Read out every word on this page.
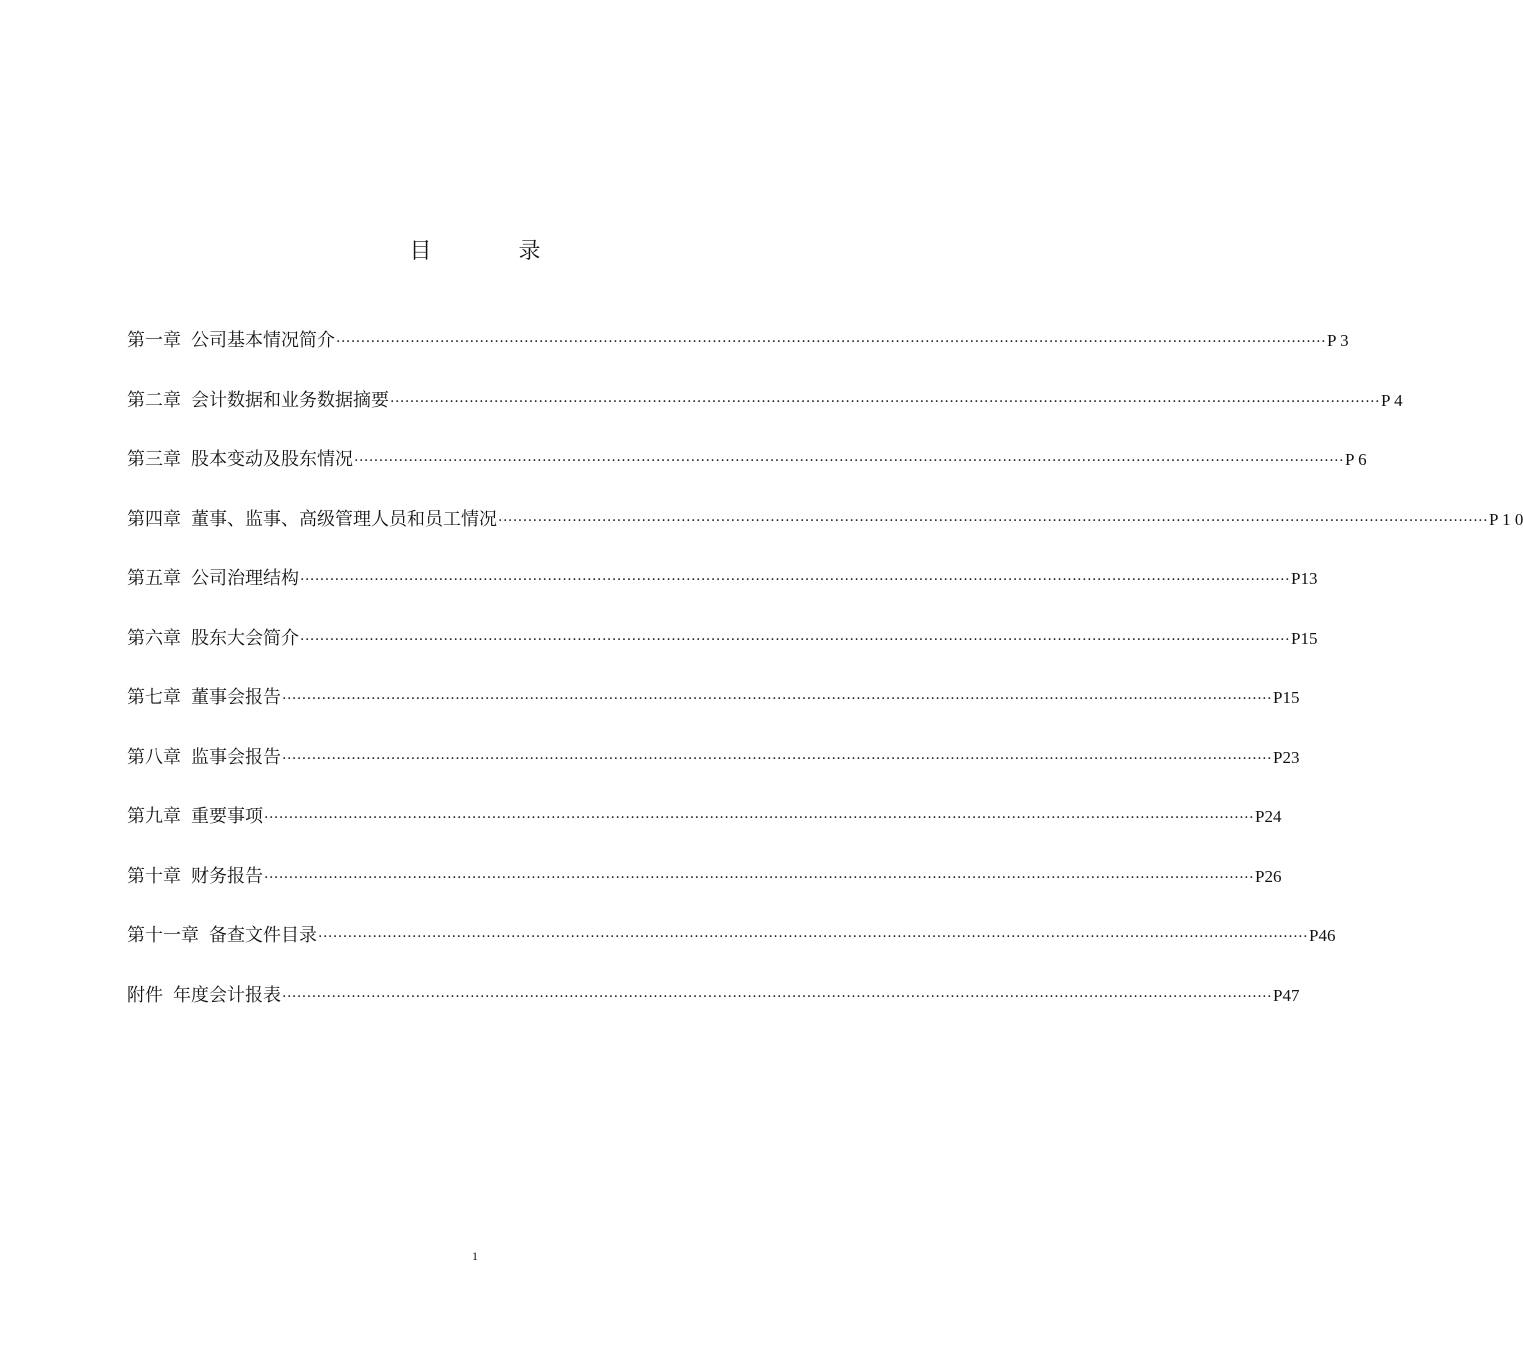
目 录
第一章 公司基本情况简介 ········································································································································································································ P 3
第二章 会计数据和业务数据摘要 ········································································································································································································ P 4
第三章 股本变动及股东情况 ········································································································································································································ P 6
第四章 董事、监事、高级管理人员和员工情况 ········································································································································································································ P 1 0
第五章 公司治理结构 ········································································································································································································ P13
第六章 股东大会简介 ········································································································································································································ P15
第七章 董事会报告 ········································································································································································································ P15
第八章 监事会报告 ········································································································································································································ P23
第九章 重要事项 ········································································································································································································ P24
第十章 财务报告 ········································································································································································································ P26
第十一章 备查文件目录 ········································································································································································································ P46
附件 年度会计报表 ········································································································································································································ P47
1
